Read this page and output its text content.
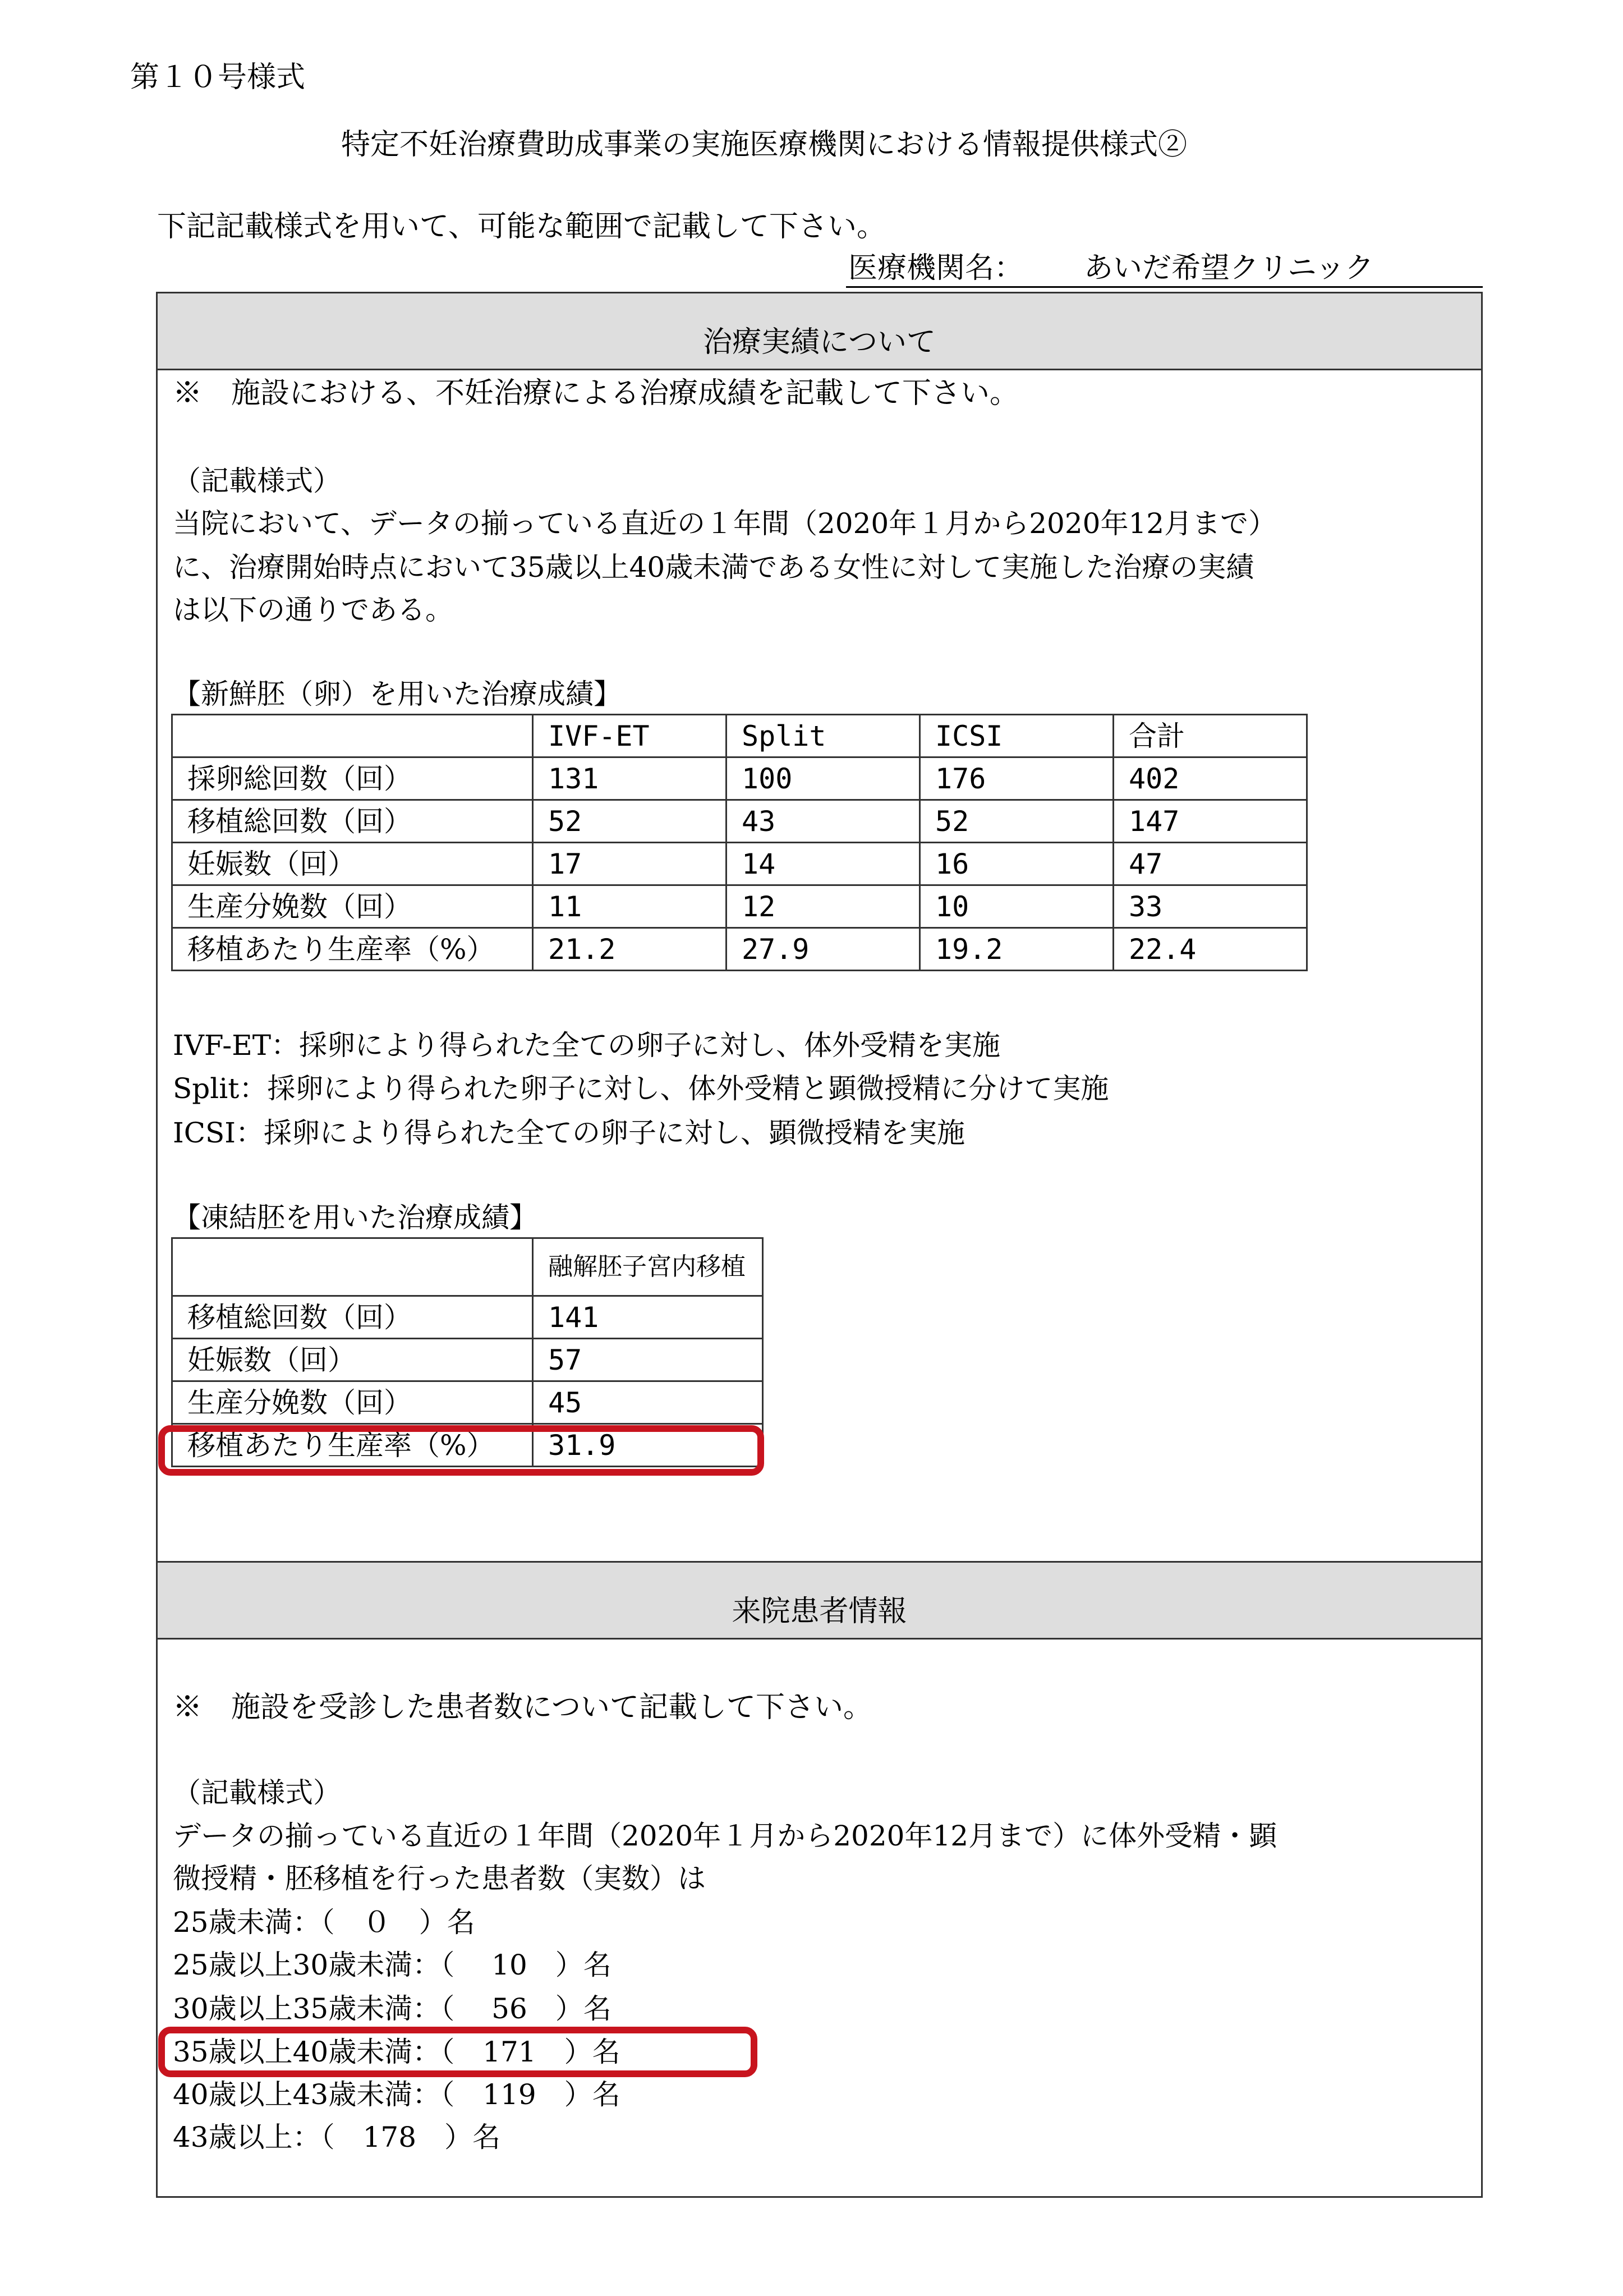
第１０号様式
特定不妊治療費助成事業の実施医療機関における情報提供様式②
下記記載様式を用いて、可能な範囲で記載して下さい。
医療機関名： あいだ希望クリニック
治療実績について
※　施設における、不妊治療による治療成績を記載して下さい。
（記載様式）
当院において、データの揃っている直近の１年間（2020年１月から2020年12月まで）
に、治療開始時点において35歳以上40歳未満である女性に対して実施した治療の実績
は以下の通りである。
【新鮮胚（卵）を用いた治療成績】
	IVF-ET	Split	ICSI	合計
採卵総回数（回）	131	100	176	402
移植総回数（回）	52	43	52	147
妊娠数（回）	17	14	16	47
生産分娩数（回）	11	12	10	33
移植あたり生産率（%）	21.2	27.9	19.2	22.4
IVF-ET：採卵により得られた全ての卵子に対し、体外受精を実施
Split：採卵により得られた卵子に対し、体外受精と顕微授精に分けて実施
ICSI：採卵により得られた全ての卵子に対し、顕微授精を実施
【凍結胚を用いた治療成績】
	融解胚子宮内移植
移植総回数（回）	141
妊娠数（回）	57
生産分娩数（回）	45
移植あたり生産率（%）	31.9
来院患者情報
※　施設を受診した患者数について記載して下さい。
（記載様式）
データの揃っている直近の１年間（2020年１月から2020年12月まで）に体外受精・顕
微授精・胚移植を行った患者数（実数）は
25歳未満：（　０　）名
25歳以上30歳未満：（　 10　）名
30歳以上35歳未満：（　 56　）名
35歳以上40歳未満：（　171　）名
40歳以上43歳未満：（　119　）名
43歳以上：（　178　）名
